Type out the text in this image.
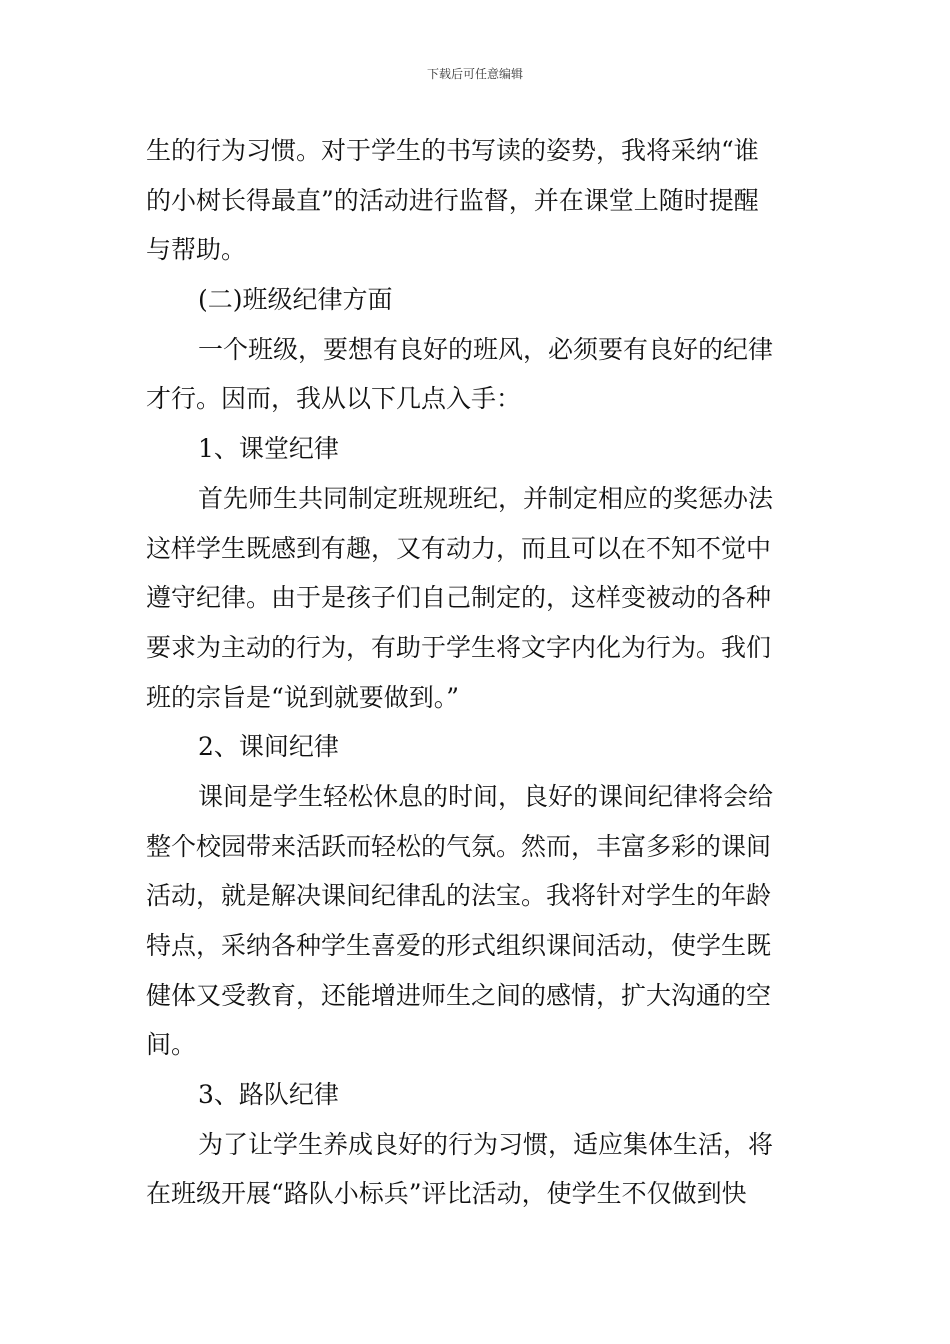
下载后可任意编辑
生的行为习惯。对于学生的书写读的姿势，我将采纳“谁
的小树长得最直”的活动进行监督，并在课堂上随时提醒
与帮助。
(二)班级纪律方面
一个班级，要想有良好的班风，必须要有良好的纪律
才行。因而，我从以下几点入手：
1、课堂纪律
首先师生共同制定班规班纪，并制定相应的奖惩办法
这样学生既感到有趣，又有动力，而且可以在不知不觉中
遵守纪律。由于是孩子们自己制定的，这样变被动的各种
要求为主动的行为，有助于学生将文字内化为行为。我们
班的宗旨是“说到就要做到。”
2、课间纪律
课间是学生轻松休息的时间，良好的课间纪律将会给
整个校园带来活跃而轻松的气氛。然而，丰富多彩的课间
活动，就是解决课间纪律乱的法宝。我将针对学生的年龄
特点，采纳各种学生喜爱的形式组织课间活动，使学生既
健体又受教育，还能增进师生之间的感情，扩大沟通的空
间。
3、路队纪律
为了让学生养成良好的行为习惯，适应集体生活，将
在班级开展“路队小标兵”评比活动，使学生不仅做到快
